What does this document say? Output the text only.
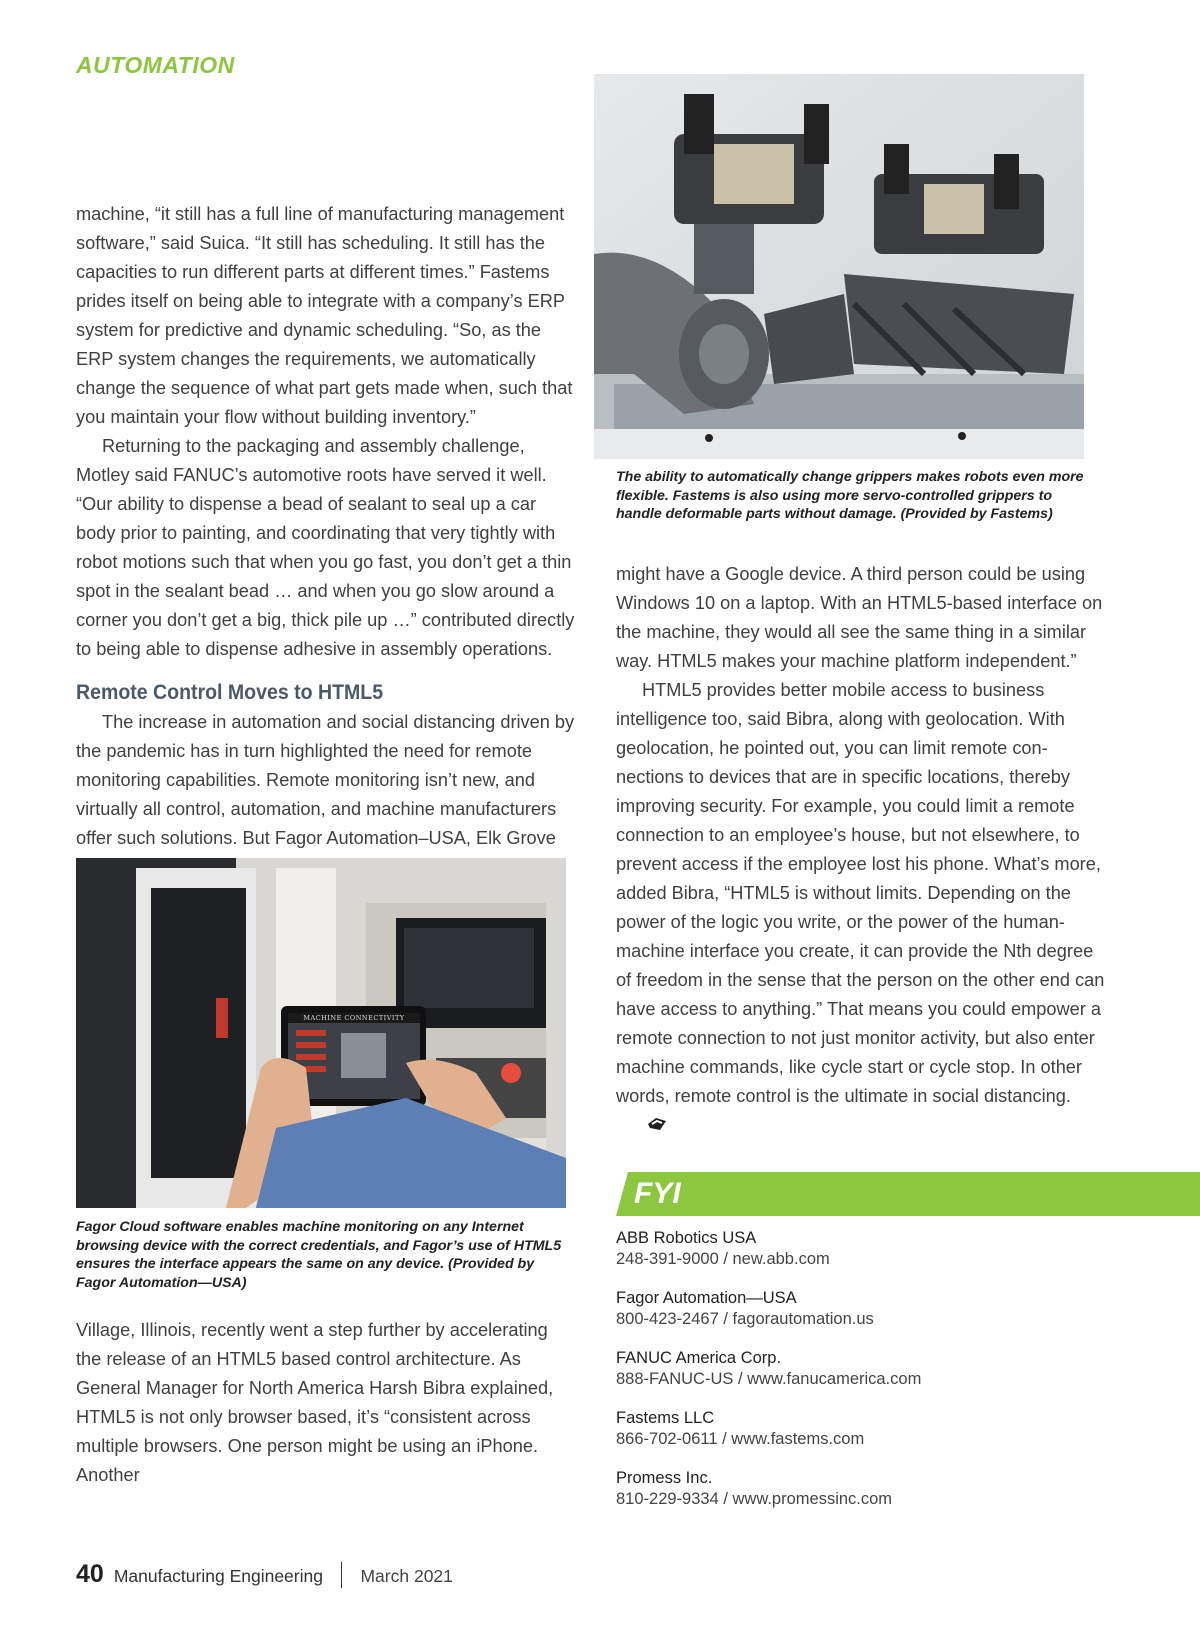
AUTOMATION

The ability to automatically change grippers makes robots even more flexible. Fastems is also using more servo-controlled grippers to handle deformable parts without damage. (Provided by Fastems)

machine, “it still has a full line of manufacturing management software,” said Suica. “It still has scheduling. It still has the capacities to run different parts at different times.” Fastems prides itself on being able to integrate with a company’s ERP system for predictive and dynamic scheduling. “So, as the ERP system changes the requirements, we automatically change the sequence of what part gets made when, such that you maintain your flow without building inventory.”

Returning to the packaging and assembly challenge, Motley said FANUC’s automotive roots have served it well. “Our ability to dispense a bead of sealant to seal up a car body prior to painting, and coordinating that very tightly with robot motions such that when you go fast, you don’t get a thin spot in the sealant bead … and when you go slow around a corner you don’t get a big, thick pile up …” contributed directly to being able to dispense adhesive in assembly operations.

Remote Control Moves to HTML5

The increase in automation and social distancing driven by the pandemic has in turn highlighted the need for remote monitoring capabilities. Remote monitoring isn’t new, and virtually all control, automation, and machine manufacturers offer such solutions. But Fagor Automation–USA, Elk Grove

MACHINE CONNECTIVITY

Fagor Cloud software enables machine monitoring on any Internet browsing device with the correct credentials, and Fagor’s use of HTML5 ensures the interface appears the same on any device. (Provided by Fagor Automation—USA)

Village, Illinois, recently went a step further by accelerating the release of an HTML5 based control architecture. As General Manager for North America Harsh Bibra explained, HTML5 is not only browser based, it’s “consistent across multiple browsers. One person might be using an iPhone. Another

might have a Google device. A third person could be using Windows 10 on a laptop. With an HTML5-based interface on the machine, they would all see the same thing in a similar way. HTML5 makes your machine platform independent.”

HTML5 provides better mobile access to business intelligence too, said Bibra, along with geolocation. With geolocation, he pointed out, you can limit remote con-nections to devices that are in specific locations, thereby improving security. For example, you could limit a remote connection to an employee’s house, but not elsewhere, to prevent access if the employee lost his phone. What’s more, added Bibra, “HTML5 is without limits. Depending on the power of the logic you write, or the power of the human-machine interface you create, it can provide the Nth degree of freedom in the sense that the person on the other end can have access to anything.” That means you could empower a remote connection to not just monitor activity, but also enter machine commands, like cycle start or cycle stop. In other words, remote control is the ultimate in social distancing.

FYI
ABB Robotics USA
248-391-9000 / new.abb.com
Fagor Automation—USA
800-423-2467 / fagorautomation.us
FANUC America Corp.
888-FANUC-US / www.fanucamerica.com
Fastems LLC
866-702-0611 / www.fastems.com
Promess Inc.
810-229-9334 / www.promessinc.com
40 Manufacturing Engineering March 2021
